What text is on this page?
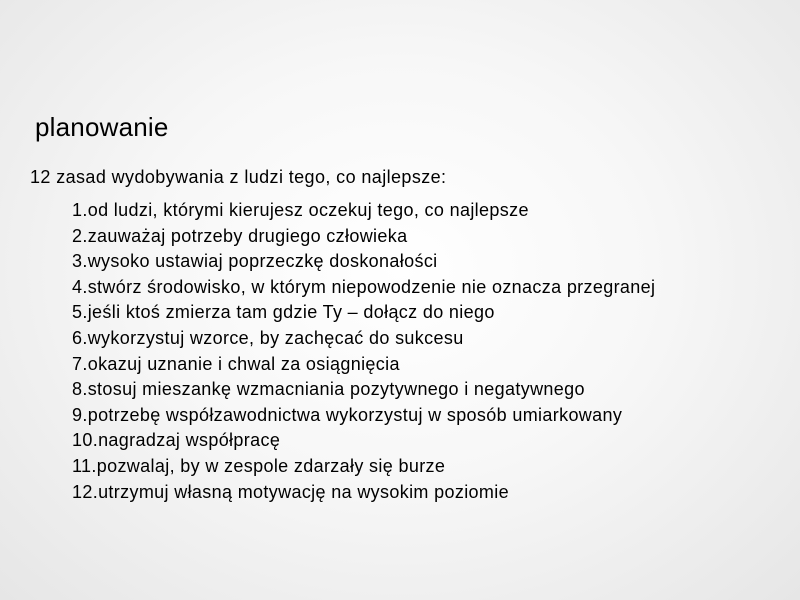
planowanie
12 zasad wydobywania z ludzi tego, co najlepsze:
1.od ludzi, którymi kierujesz oczekuj tego, co najlepsze
2.zauważaj potrzeby drugiego człowieka
3.wysoko ustawiaj poprzeczkę doskonałości
4.stwórz środowisko, w którym niepowodzenie nie oznacza przegranej
5.jeśli ktoś zmierza tam gdzie Ty – dołącz do niego
6.wykorzystuj wzorce, by zachęcać do sukcesu
7.okazuj uznanie i chwal za osiągnięcia
8.stosuj mieszankę wzmacniania pozytywnego i negatywnego
9.potrzebę współzawodnictwa wykorzystuj w sposób umiarkowany
10.nagradzaj współpracę
11.pozwalaj, by w zespole zdarzały się burze
12.utrzymuj własną motywację na wysokim poziomie
